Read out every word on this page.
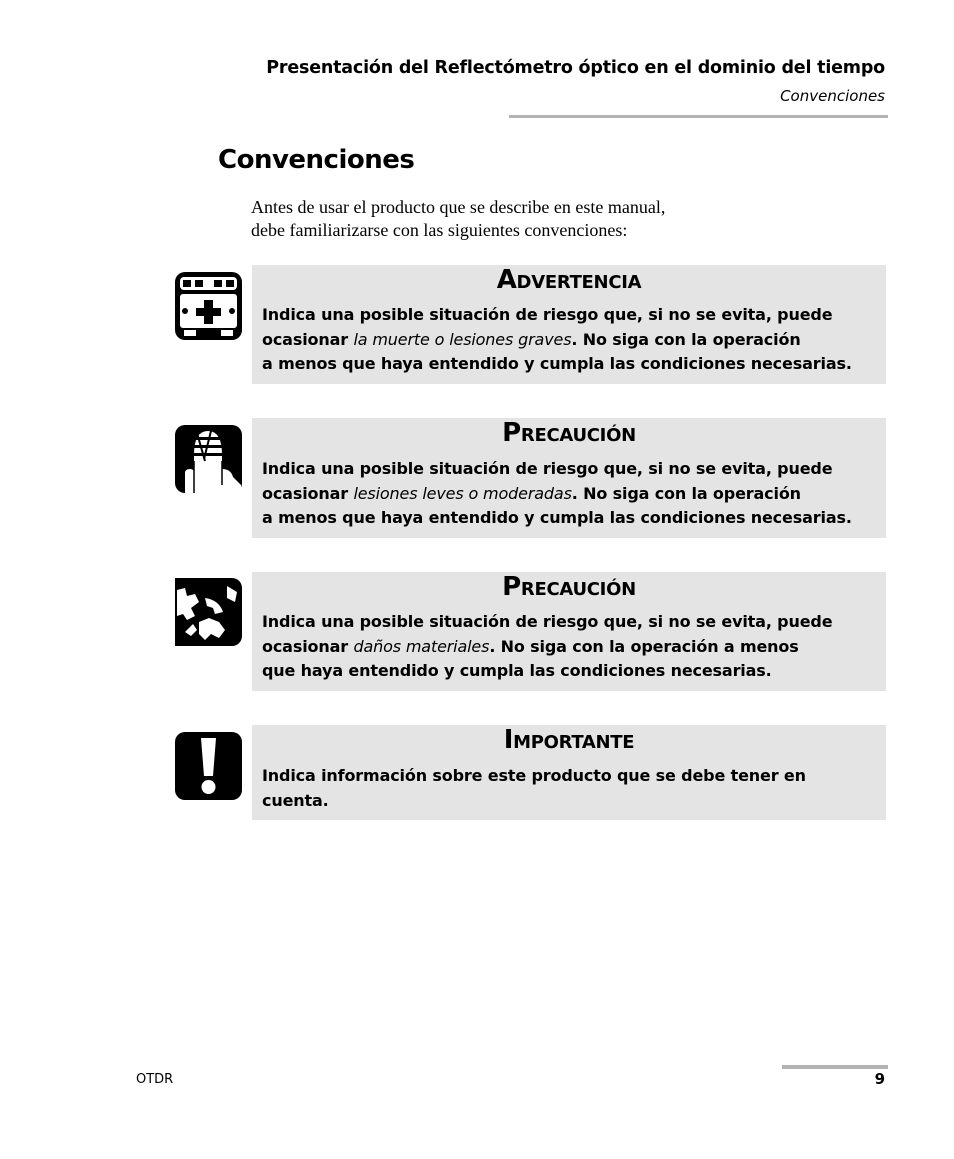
Presentación del Reflectómetro óptico en el dominio del tiempo
Convenciones
Convenciones
Antes de usar el producto que se describe en este manual,
debe familiarizarse con las siguientes convenciones:
Advertencia
Indica una posible situación de riesgo que, si no se evita, puede
ocasionar la muerte o lesiones graves. No siga con la operación
a menos que haya entendido y cumpla las condiciones necesarias.
Precaución
Indica una posible situación de riesgo que, si no se evita, puede
ocasionar lesiones leves o moderadas. No siga con la operación
a menos que haya entendido y cumpla las condiciones necesarias.
Precaución
Indica una posible situación de riesgo que, si no se evita, puede
ocasionar daños materiales. No siga con la operación a menos
que haya entendido y cumpla las condiciones necesarias.
Importante
Indica información sobre este producto que se debe tener en
cuenta.
OTDR	9
